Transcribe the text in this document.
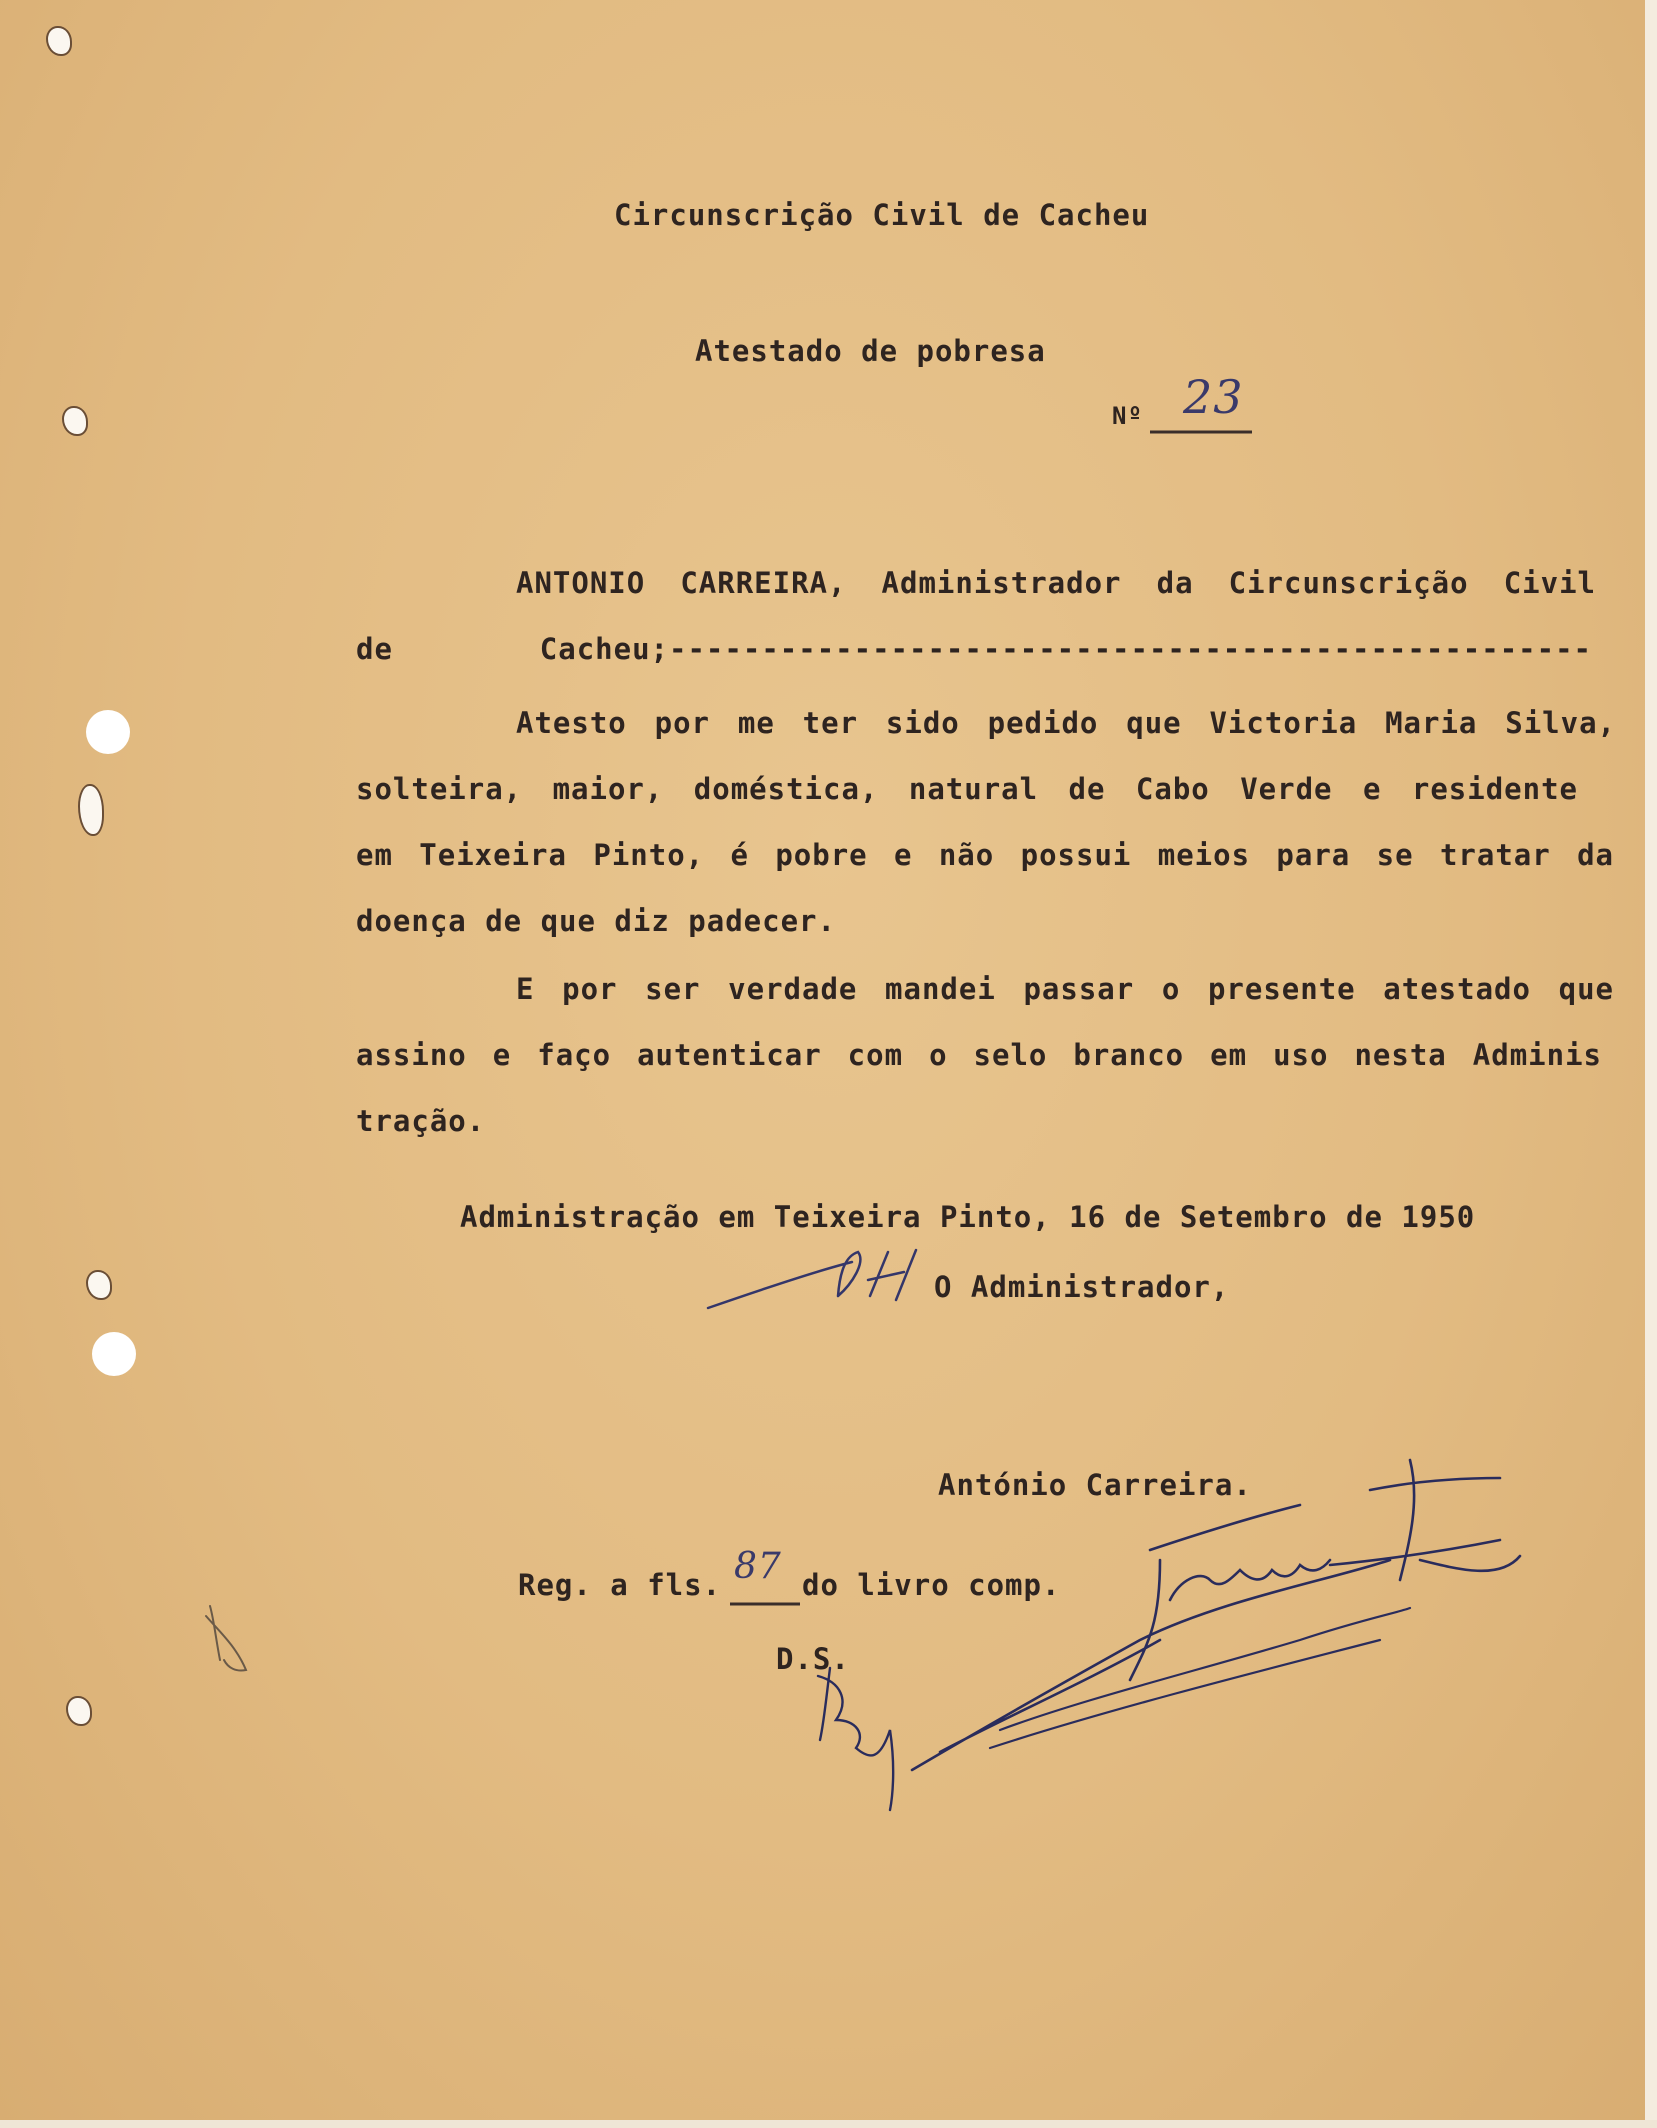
Circunscrição Civil de Cacheu
Atestado de pobresa
Nº 23
ANTONIO CARREIRA, Administrador da Circunscrição Civil
de Cacheu;--------------------------------------------------
Atesto por me ter sido pedido que Victoria Maria Silva,
solteira, maior, doméstica, natural de Cabo Verde e residente
em Teixeira Pinto, é pobre e não possui meios para se tratar da
doença de que diz padecer.
E por ser verdade mandei passar o presente atestado que
assino e faço autenticar com o selo branco em uso nesta Adminis
tração.
Administração em Teixeira Pinto, 16 de Setembro de 1950
O Administrador,
António Carreira.
Reg. a fls. 87 do livro comp.
D.S.
